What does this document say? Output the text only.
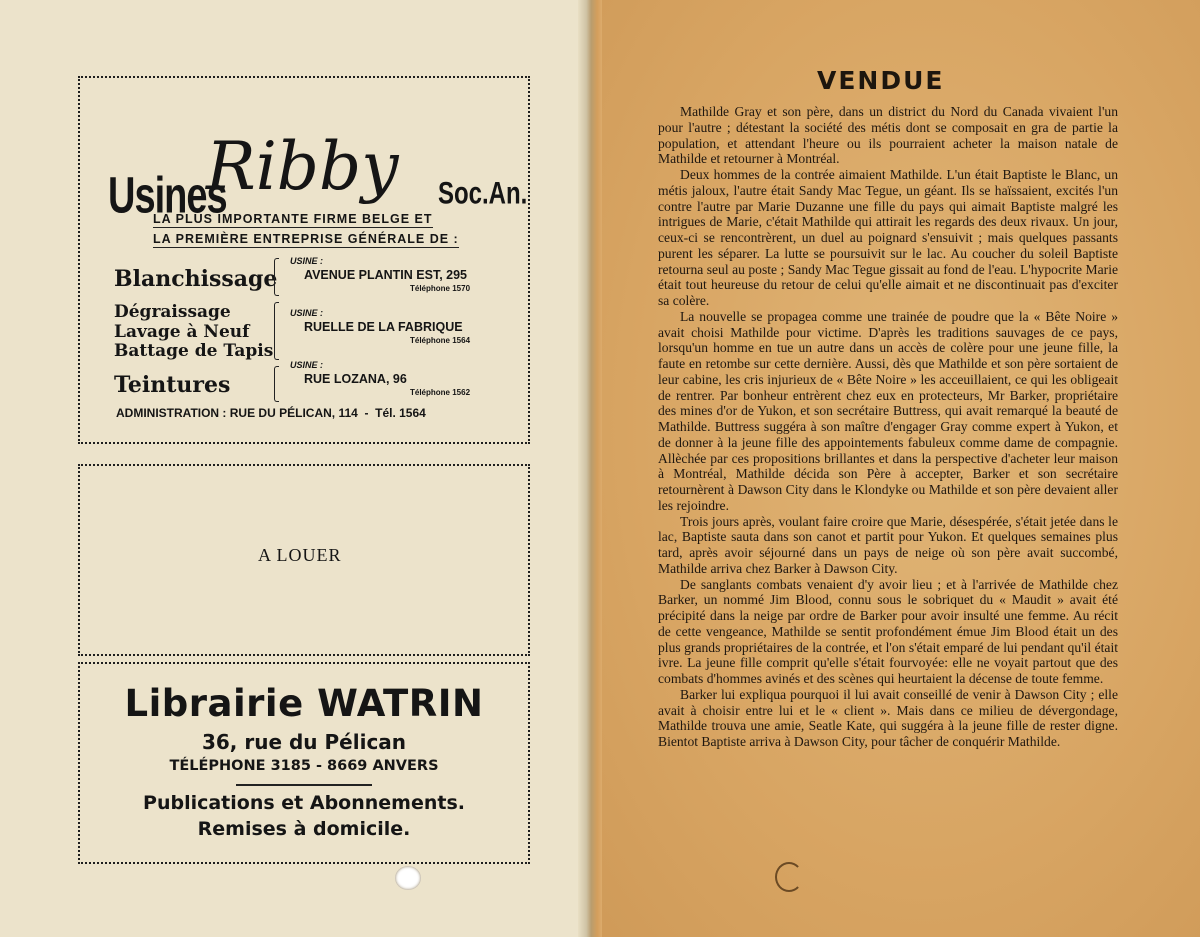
Usines
Ribby Soc.An.
LA PLUS IMPORTANTE FIRME BELGE ET
LA PREMIÈRE ENTREPRISE GÉNÉRALE DE :
Blanchissage
Dégraissage
Lavage à Neuf
Battage de Tapis
Teintures
USINE :
AVENUE PLANTIN EST, 295
Téléphone 1570
USINE :
RUELLE DE LA FABRIQUE
Téléphone 1564
USINE :
RUE LOZANA, 96
Téléphone 1562
ADMINISTRATION : RUE DU PÉLICAN, 114  -  Tél. 1564
A LOUER
Librairie WATRIN
36, rue du Pélican
TÉLÉPHONE 3185 - 8669 ANVERS
Publications et Abonnements.
Remises à domicile.
VENDUE

Mathilde Gray et son père, dans un district du Nord du Canada vivaient l'un pour l'autre ; détestant la société des métis dont se composait en gra de partie la population, et attendant l'heure ou ils pourraient acheter la maison natale de Mathilde et retourner à Montréal.

Deux hommes de la contrée aimaient Mathilde. L'un était Baptiste le Blanc, un métis jaloux, l'autre était Sandy Mac Tegue, un géant. Ils se haïssaient, excités l'un contre l'autre par Marie Duzanne une fille du pays qui aimait Baptiste malgré les intrigues de Marie, c'était Mathilde qui attirait les regards des deux rivaux. Un jour, ceux-ci se rencontrèrent, un duel au poignard s'ensuivit ; mais quelques passants purent les séparer. La lutte se poursuivit sur le lac. Au coucher du soleil Baptiste retourna seul au poste ; Sandy Mac Tegue gissait au fond de l'eau. L'hypocrite Marie était tout heureuse du retour de celui qu'elle aimait et ne discontinuait pas d'exciter sa colère.

La nouvelle se propagea comme une trainée de poudre que la « Bête Noire » avait choisi Mathilde pour victime. D'après les traditions sauvages de ce pays, lorsqu'un homme en tue un autre dans un accès de colère pour une jeune fille, la faute en retombe sur cette dernière. Aussi, dès que Mathilde et son père sortaient de leur cabine, les cris injurieux de « Bête Noire » les acceuillaient, ce qui les obligeait de rentrer. Par bonheur entrèrent chez eux en protecteurs, Mr Barker, propriétaire des mines d'or de Yukon, et son secrétaire Buttress, qui avait remarqué la beauté de Mathilde. Buttress suggéra à son maître d'engager Gray comme expert à Yukon, et de donner à la jeune fille des appointements fabuleux comme dame de compagnie. Allèchée par ces propositions brillantes et dans la perspective d'acheter leur maison à Montréal, Mathilde décida son Père à accepter, Barker et son secrétaire retournèrent à Dawson City dans le Klondyke ou Mathilde et son père devaient aller les rejoindre.

Trois jours après, voulant faire croire que Marie, désespérée, s'était jetée dans le lac, Baptiste sauta dans son canot et partit pour Yukon. Et quelques semaines plus tard, après avoir séjourné dans un pays de neige où son père avait succombé, Mathilde arriva chez Barker à Dawson City.

De sanglants combats venaient d'y avoir lieu ; et à l'arrivée de Mathilde chez Barker, un nommé Jim Blood, connu sous le sobriquet du « Maudit » avait été précipité dans la neige par ordre de Barker pour avoir insulté une femme. Au récit de cette vengeance, Mathilde se sentit profondément émue Jim Blood était un des plus grands propriétaires de la contrée, et l'on s'était emparé de lui pendant qu'il était ivre. La jeune fille comprit qu'elle s'était fourvoyée: elle ne voyait partout que des combats d'hommes avinés et des scènes qui heurtaient la décense de toute femme.

Barker lui expliqua pourquoi il lui avait conseillé de venir à Dawson City ; elle avait à choisir entre lui et le « client ». Mais dans ce milieu de dévergondage, Mathilde trouva une amie, Seatle Kate, qui suggéra à la jeune fille de rester digne. Bientot Baptiste arriva à Dawson City, pour tâcher de conquérir Mathilde.
